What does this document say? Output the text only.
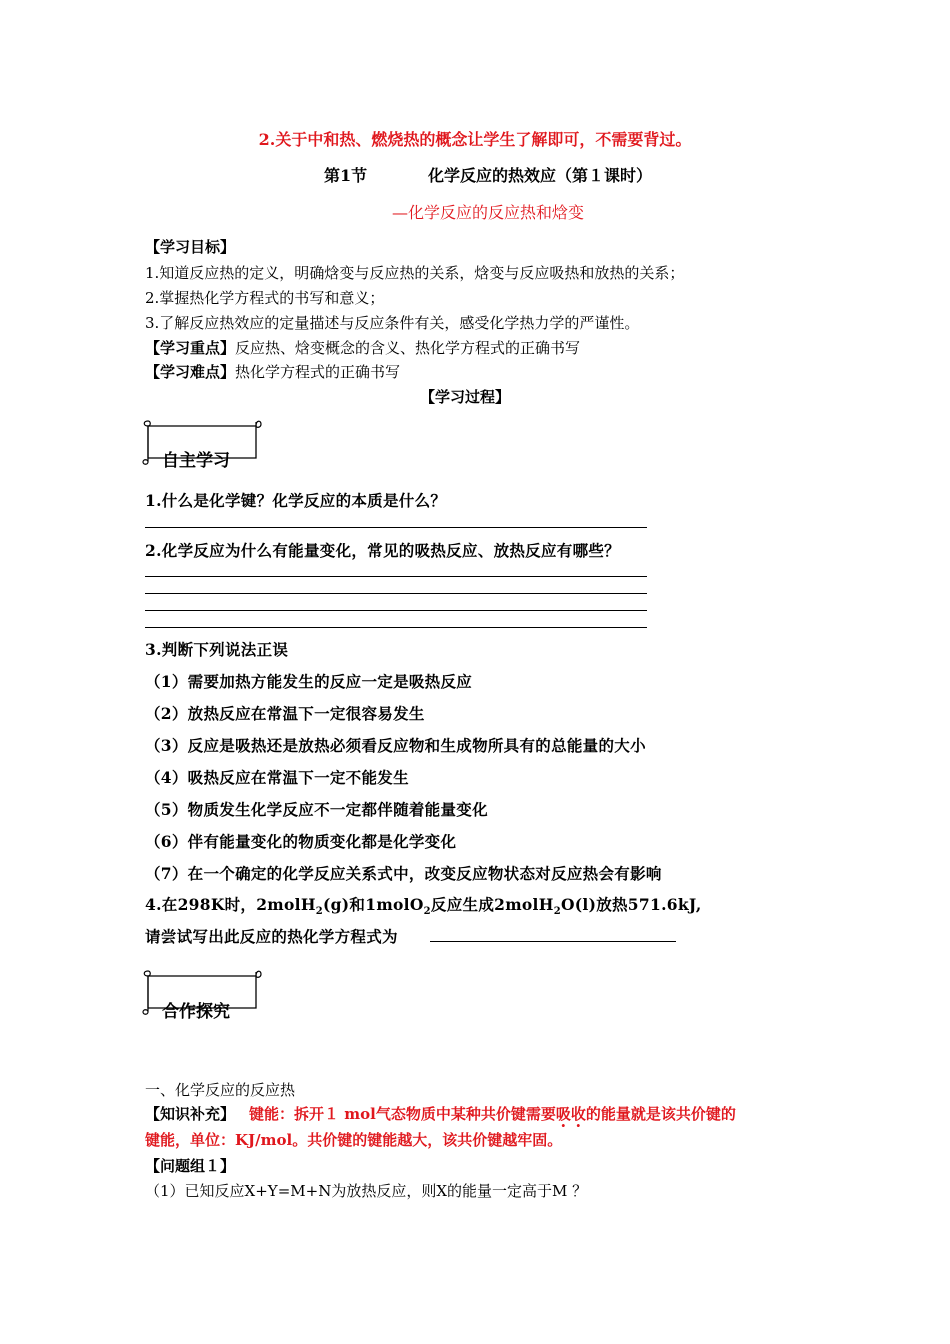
2.关于中和热、燃烧热的概念让学生了解即可，不需要背过。
第1节	化学反应的热效应（第１课时）
—化学反应的反应热和焓变
【学习目标】
1.知道反应热的定义，明确焓变与反应热的关系，焓变与反应吸热和放热的关系；
2.掌握热化学方程式的书写和意义；
3.了解反应热效应的定量描述与反应条件有关，感受化学热力学的严谨性。
【学习重点】反应热、焓变概念的含义、热化学方程式的正确书写
【学习难点】热化学方程式的正确书写
【学习过程】
自主学习
1.什么是化学键？化学反应的本质是什么？
2.化学反应为什么有能量变化，常见的吸热反应、放热反应有哪些？
3.判断下列说法正误
（1）需要加热方能发生的反应一定是吸热反应
（2）放热反应在常温下一定很容易发生
（3）反应是吸热还是放热必须看反应物和生成物所具有的总能量的大小
（4）吸热反应在常温下一定不能发生
（5）物质发生化学反应不一定都伴随着能量变化
（6）伴有能量变化的物质变化都是化学变化
（7）在一个确定的化学反应关系式中，改变反应物状态对反应热会有影响
4.在298K时，2molH$_2$(g)和1molO$_2$反应生成2molH$_2$O(l)放热571.6kJ,
请尝试写出此反应的热化学方程式为
合作探究
一、化学反应的反应热
【知识补充】 键能：拆开１ mol气态物质中某种共价键需要吸收的能量就是该共价键的
键能，单位：KJ/mol。共价键的键能越大，该共价键越牢固。
【问题组１】
（1）已知反应X+Y=M+N为放热反应，则X的能量一定高于M ？
